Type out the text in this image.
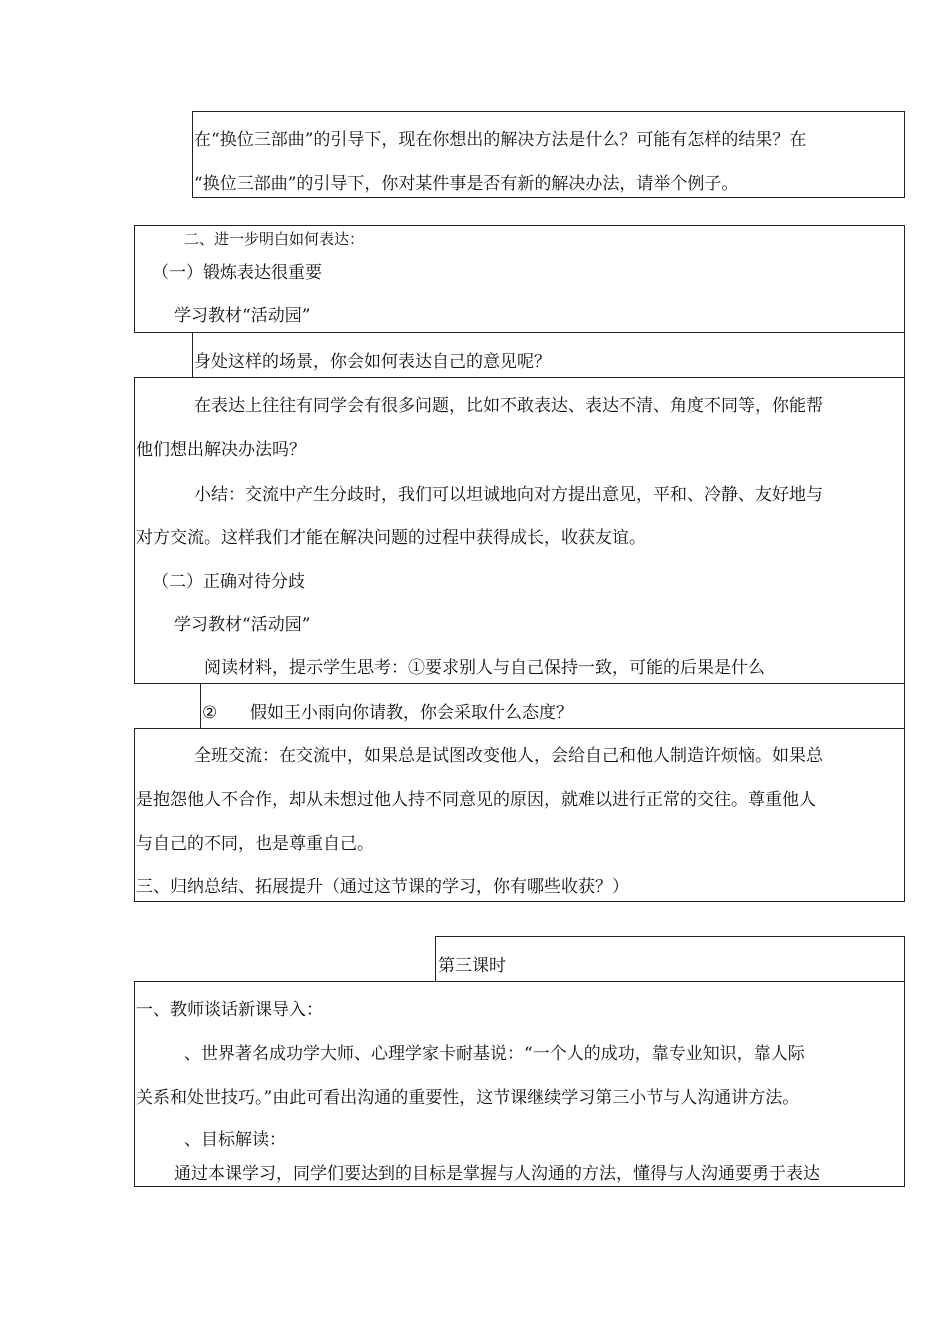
在“换位三部曲”的引导下，现在你想出的解决方法是什么？可能有怎样的结果？在
“换位三部曲”的引导下，你对某件事是否有新的解决办法，请举个例子。
二、进一步明白如何表达：
（一）锻炼表达很重要
学习教材“活动园”
身处这样的场景，你会如何表达自己的意见呢？
在表达上往往有同学会有很多问题，比如不敢表达、表达不清、角度不同等，你能帮
他们想出解决办法吗？
小结：交流中产生分歧时，我们可以坦诚地向对方提出意见，平和、冷静、友好地与
对方交流。这样我们才能在解决问题的过程中获得成长，收获友谊。
（二）正确对待分歧
学习教材“活动园”
阅读材料，提示学生思考：①要求别人与自己保持一致，可能的后果是什么
② 假如王小雨向你请教，你会采取什么态度？
全班交流：在交流中，如果总是试图改变他人，会给自己和他人制造许烦恼。如果总
是抱怨他人不合作，却从未想过他人持不同意见的原因，就难以进行正常的交往。尊重他人
与自己的不同，也是尊重自己。
三、归纳总结、拓展提升（通过这节课的学习，你有哪些收获？）
第三课时
一、教师谈话新课导入：
、世界著名成功学大师、心理学家卡耐基说：“一个人的成功，靠专业知识，靠人际
关系和处世技巧。”由此可看出沟通的重要性，这节课继续学习第三小节与人沟通讲方法。
、目标解读：
通过本课学习，同学们要达到的目标是掌握与人沟通的方法，懂得与人沟通要勇于表达
